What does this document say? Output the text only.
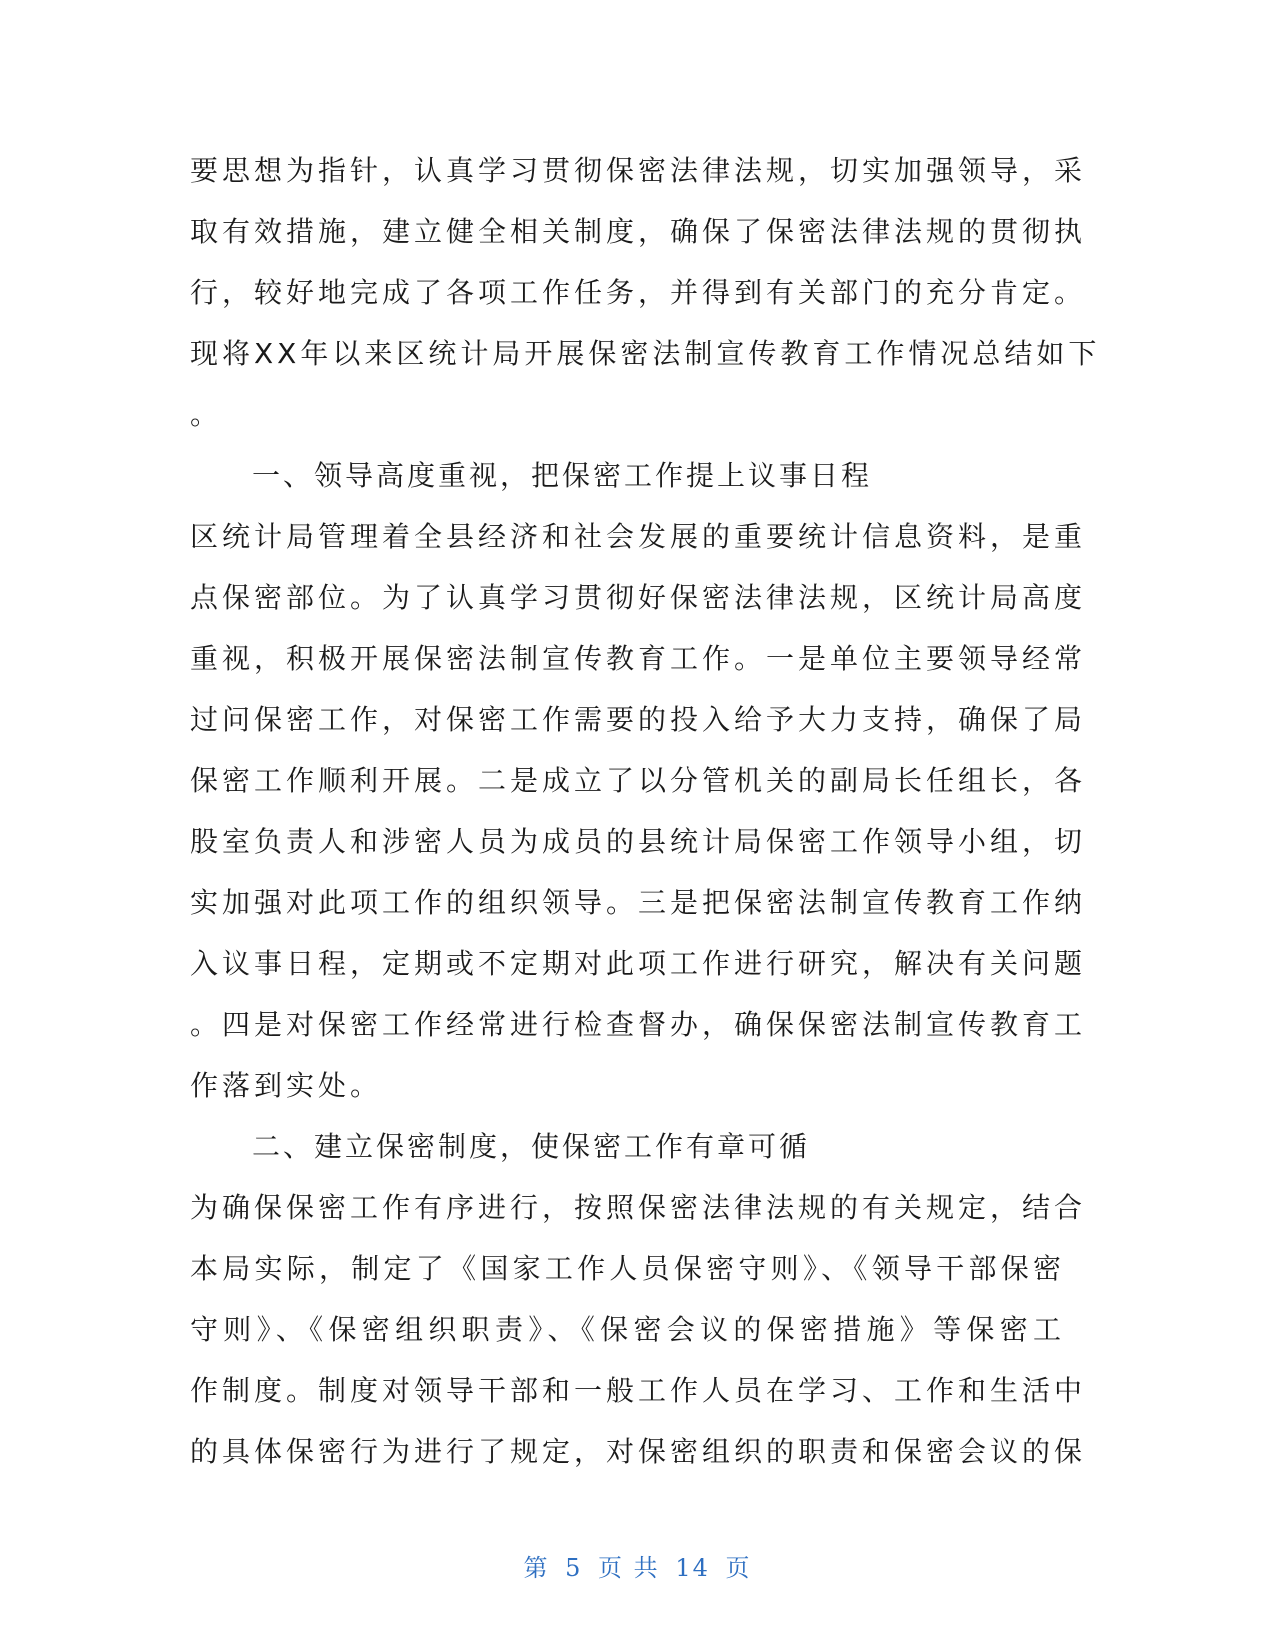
要思想为指针，认真学习贯彻保密法律法规，切实加强领导，采
取有效措施，建立健全相关制度，确保了保密法律法规的贯彻执
行，较好地完成了各项工作任务，并得到有关部门的充分肯定。
现将XX年以来区统计局开展保密法制宣传教育工作情况总结如下
。
一、领导高度重视，把保密工作提上议事日程
区统计局管理着全县经济和社会发展的重要统计信息资料，是重
点保密部位。为了认真学习贯彻好保密法律法规，区统计局高度
重视，积极开展保密法制宣传教育工作。一是单位主要领导经常
过问保密工作，对保密工作需要的投入给予大力支持，确保了局
保密工作顺利开展。二是成立了以分管机关的副局长任组长，各
股室负责人和涉密人员为成员的县统计局保密工作领导小组，切
实加强对此项工作的组织领导。三是把保密法制宣传教育工作纳
入议事日程，定期或不定期对此项工作进行研究，解决有关问题
。四是对保密工作经常进行检查督办，确保保密法制宣传教育工
作落到实处。
二、建立保密制度，使保密工作有章可循
为确保保密工作有序进行，按照保密法律法规的有关规定，结合
本局实际，制定了《国家工作人员保密守则》、《领导干部保密
守则》、《保密组织职责》、《保密会议的保密措施》等保密工
作制度。制度对领导干部和一般工作人员在学习、工作和生活中
的具体保密行为进行了规定，对保密组织的职责和保密会议的保
第 5 页 共 14 页
